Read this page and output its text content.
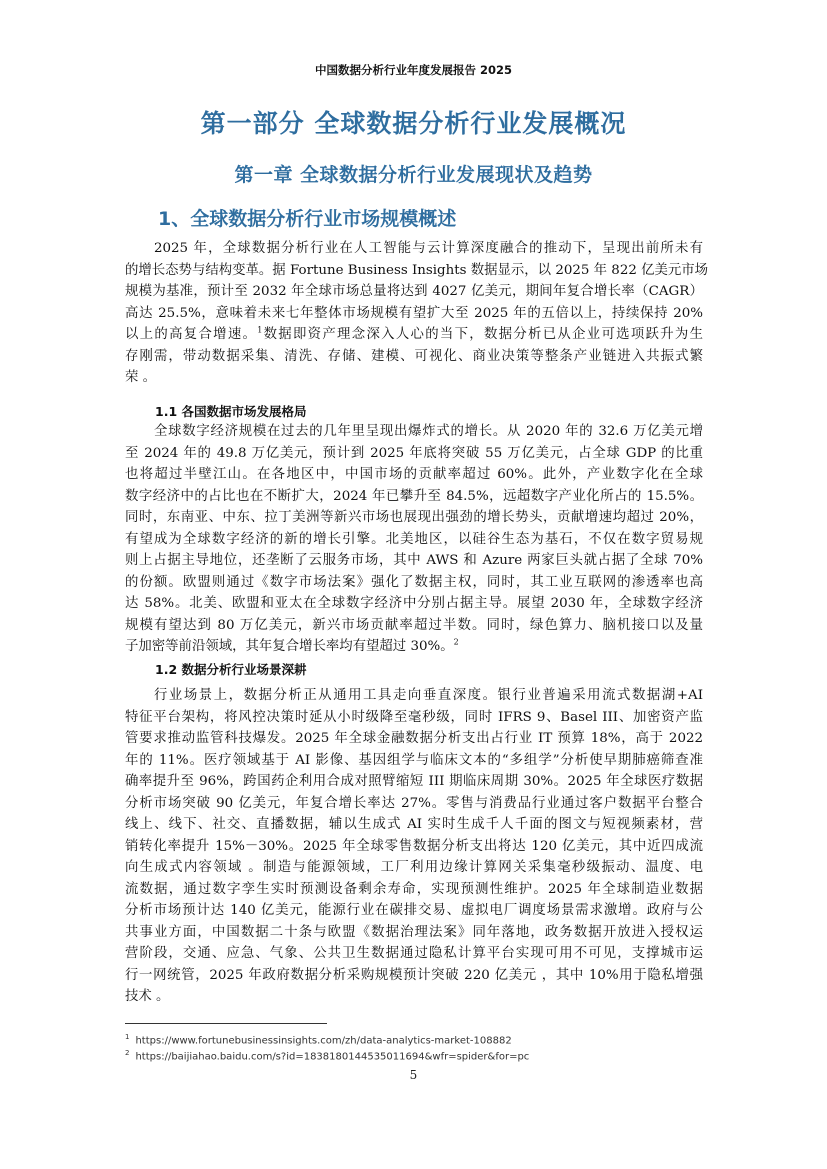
中国数据分析行业年度发展报告 2025
第一部分 全球数据分析行业发展概况
第一章 全球数据分析行业发展现状及趋势
1、全球数据分析行业市场规模概述

2025 年，全球数据分析行业在人工智能与云计算深度融合的推动下，呈现出前所未有
的增长态势与结构变革。据 Fortune Business Insights 数据显示，以 2025 年 822 亿美元市场
规模为基准，预计至 2032 年全球市场总量将达到 4027 亿美元，期间年复合增长率（CAGR）
高达 25.5%，意味着未来七年整体市场规模有望扩大至 2025 年的五倍以上，持续保持 20%
以上的高复合增速。$^1$数据即资产理念深入人心的当下，数据分析已从企业可选项跃升为生
存刚需，带动数据采集、清洗、存储、建模、可视化、商业决策等整条产业链进入共振式繁
荣 。

1.1 各国数据市场发展格局

全球数字经济规模在过去的几年里呈现出爆炸式的增长。从 2020 年的 32.6 万亿美元增
至 2024 年的 49.8 万亿美元，预计到 2025 年底将突破 55 万亿美元，占全球 GDP 的比重
也将超过半壁江山。在各地区中，中国市场的贡献率超过 60%。此外，产业数字化在全球
数字经济中的占比也在不断扩大，2024 年已攀升至 84.5%，远超数字产业化所占的 15.5%。
同时，东南亚、中东、拉丁美洲等新兴市场也展现出强劲的增长势头，贡献增速均超过 20%，
有望成为全球数字经济的新的增长引擎。北美地区，以硅谷生态为基石，不仅在数字贸易规
则上占据主导地位，还垄断了云服务市场，其中 AWS 和 Azure 两家巨头就占据了全球 70%
的份额。欧盟则通过《数字市场法案》强化了数据主权，同时，其工业互联网的渗透率也高
达 58%。北美、欧盟和亚太在全球数字经济中分别占据主导。展望 2030 年，全球数字经济
规模有望达到 80 万亿美元，新兴市场贡献率超过半数。同时，绿色算力、脑机接口以及量
子加密等前沿领域，其年复合增长率均有望超过 30%。$^2$

1.2 数据分析行业场景深耕

行业场景上，数据分析正从通用工具走向垂直深度。银行业普遍采用流式数据湖+AI
特征平台架构，将风控决策时延从小时级降至毫秒级，同时 IFRS 9、Basel III、加密资产监
管要求推动监管科技爆发。2025 年全球金融数据分析支出占行业 IT 预算 18%，高于 2022
年的 11%。医疗领域基于 AI 影像、基因组学与临床文本的“多组学”分析使早期肺癌筛查准
确率提升至 96%，跨国药企利用合成对照臂缩短 III 期临床周期 30%。2025 年全球医疗数据
分析市场突破 90 亿美元，年复合增长率达 27%。零售与消费品行业通过客户数据平台整合
线上、线下、社交、直播数据，辅以生成式 AI 实时生成千人千面的图文与短视频素材，营
销转化率提升 15%－30%。2025 年全球零售数据分析支出将达 120 亿美元，其中近四成流
向生成式内容领域 。制造与能源领域，工厂利用边缘计算网关采集毫秒级振动、温度、电
流数据，通过数字孪生实时预测设备剩余寿命，实现预测性维护。2025 年全球制造业数据
分析市场预计达 140 亿美元，能源行业在碳排交易、虚拟电厂调度场景需求激增。政府与公
共事业方面，中国数据二十条与欧盟《数据治理法案》同年落地，政务数据开放进入授权运
营阶段，交通、应急、气象、公共卫生数据通过隐私计算平台实现可用不可见，支撑城市运
行一网统管，2025 年政府数据分析采购规模预计突破 220 亿美元 ，其中 10%用于隐私增强
技术 。

$^1$ https://www.fortunebusinessinsights.com/zh/data-analytics-market-108882
$^2$ https://baijiahao.baidu.com/s?id=1838180144535011694&wfr=spider&for=pc
5
